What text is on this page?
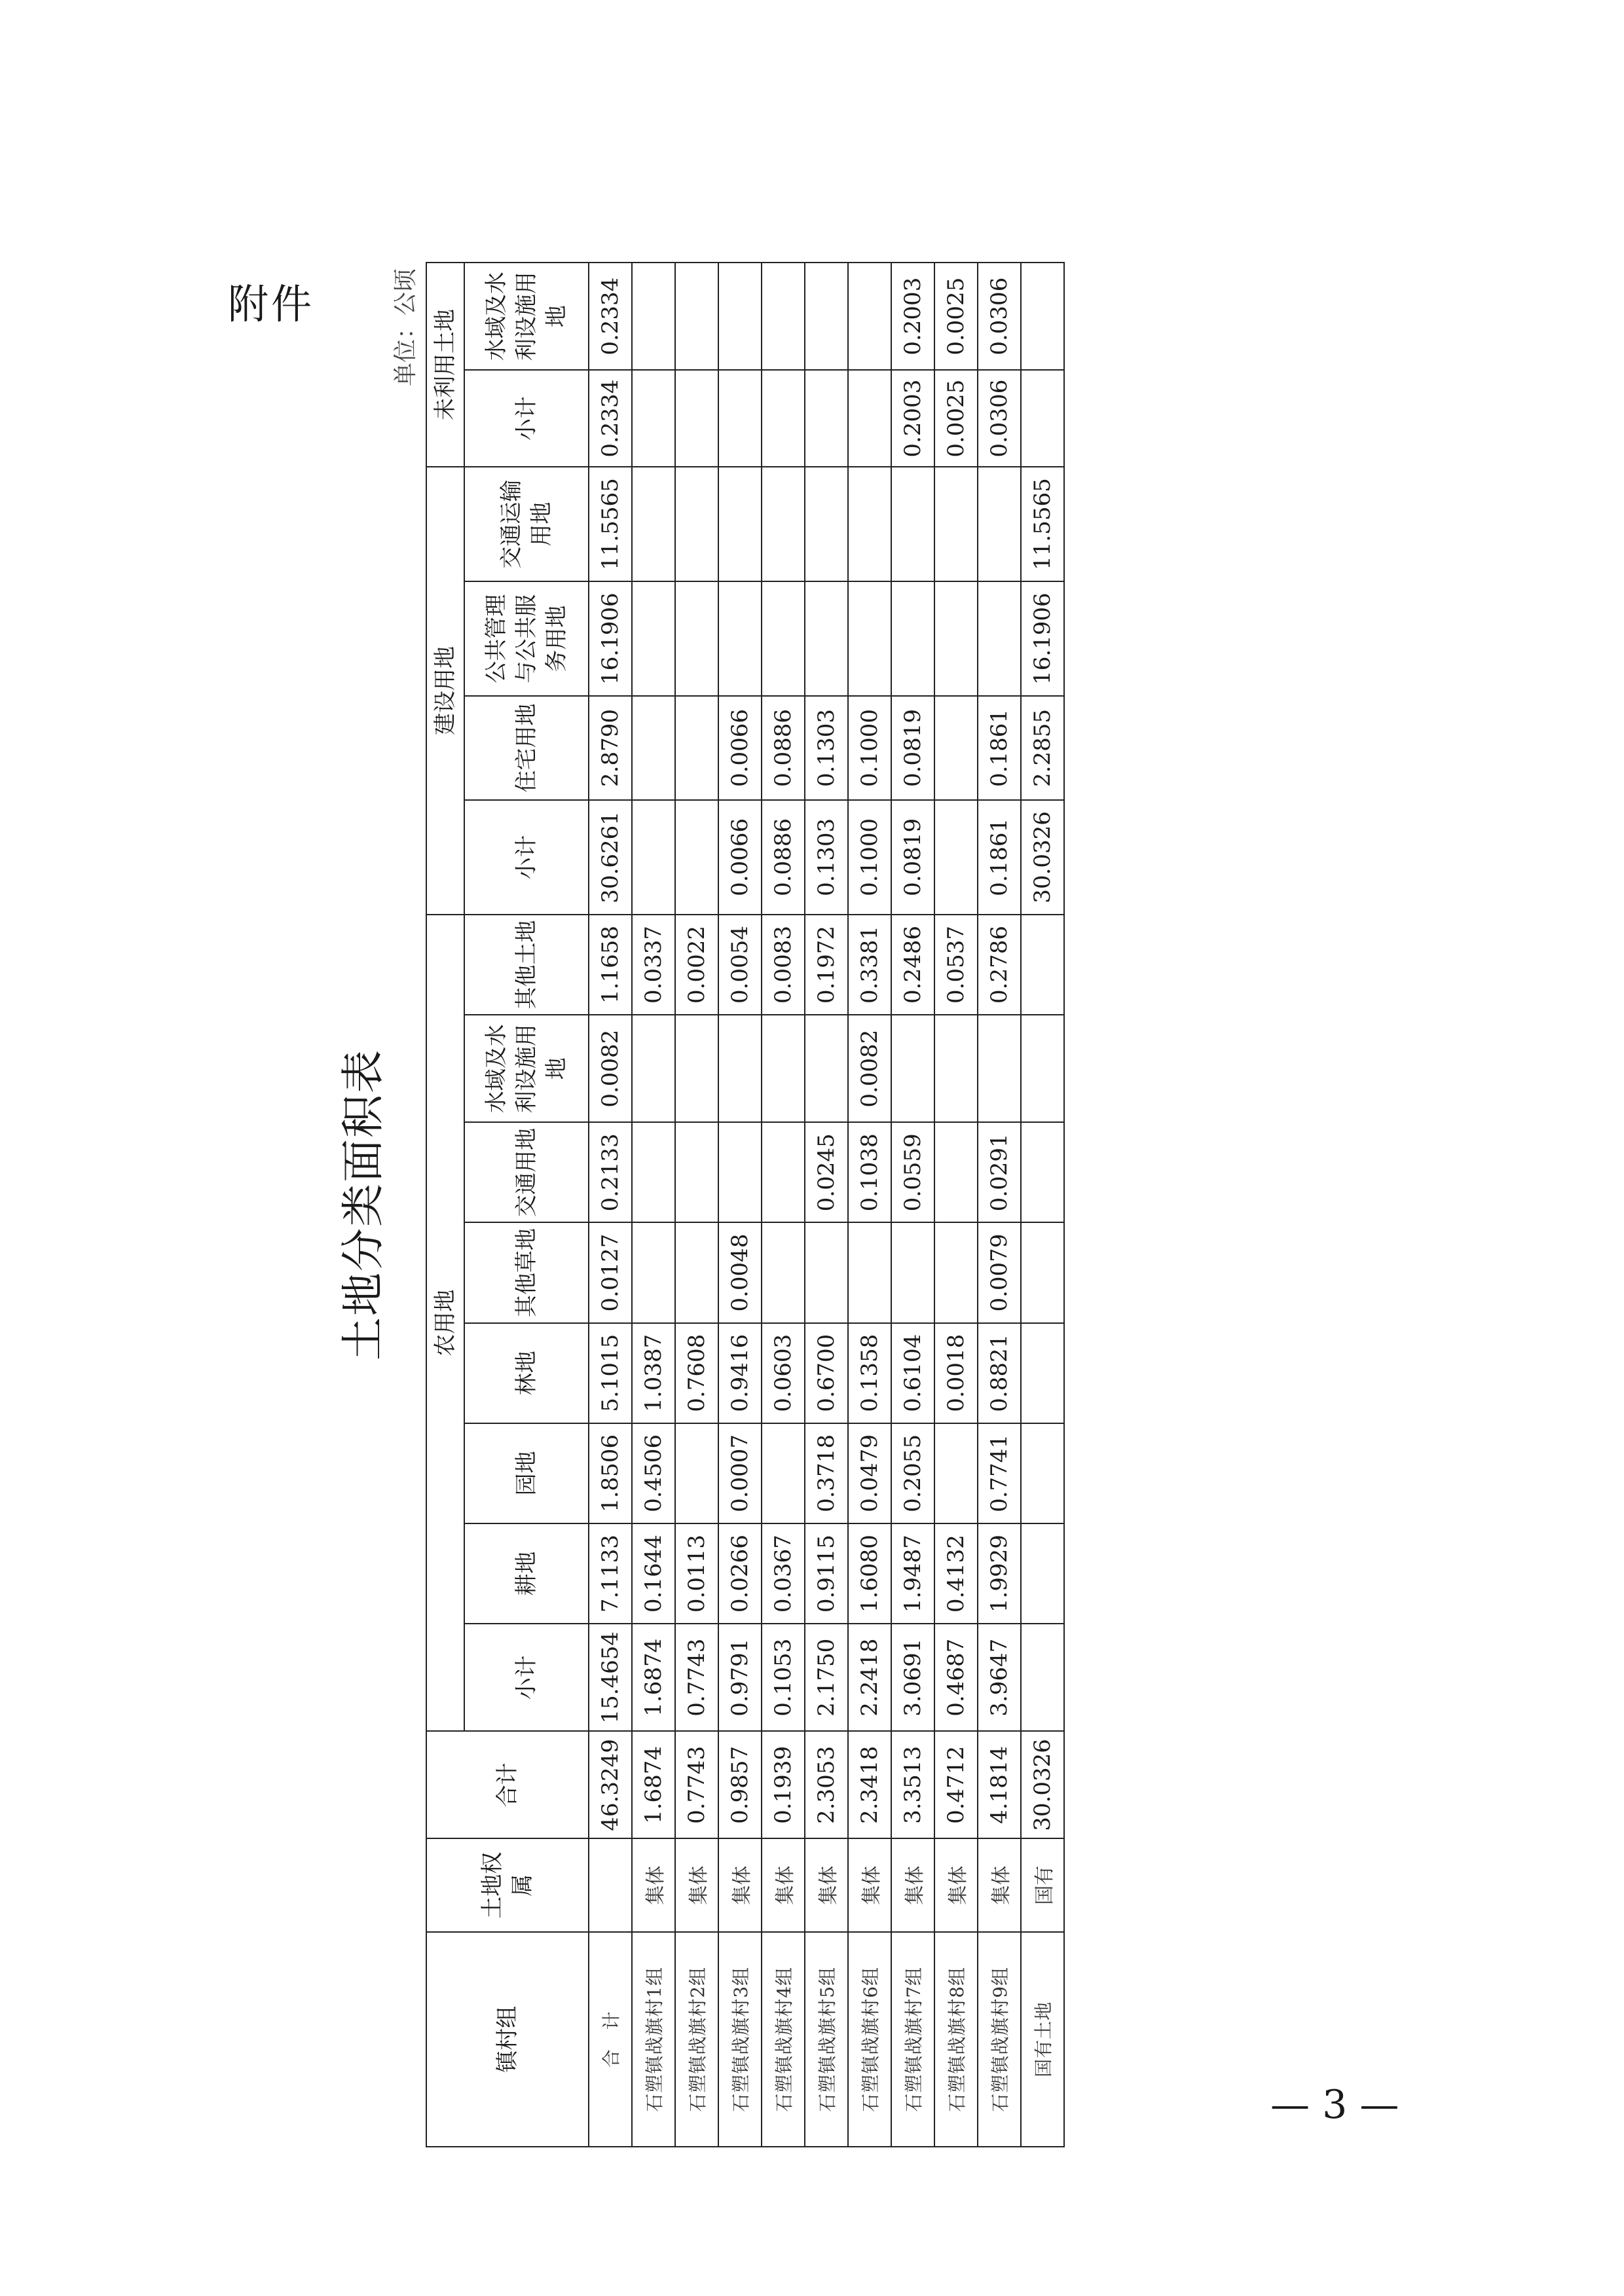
附件
土地分类面积表
单位：公顷
镇村组	土地权属	合计	农用地								建设用地				未利用土地	
			小计	耕地	园地	林地	其他草地	交通用地	水域及水利设施用地	其他土地	小计	住宅用地	公共管理与公共服务用地	交通运输用地	小计	水域及水利设施用地
合　计		46.3249	15.4654	7.1133	1.8506	5.1015	0.0127	0.2133	0.0082	1.1658	30.6261	2.8790	16.1906	11.5565	0.2334	0.2334
石塑镇战旗村1组	集体	1.6874	1.6874	0.1644	0.4506	1.0387				0.0337						
石塑镇战旗村2组	集体	0.7743	0.7743	0.0113		0.7608				0.0022						
石塑镇战旗村3组	集体	0.9857	0.9791	0.0266	0.0007	0.9416	0.0048			0.0054	0.0066	0.0066				
石塑镇战旗村4组	集体	0.1939	0.1053	0.0367		0.0603				0.0083	0.0886	0.0886				
石塑镇战旗村5组	集体	2.3053	2.1750	0.9115	0.3718	0.6700		0.0245		0.1972	0.1303	0.1303				
石塑镇战旗村6组	集体	2.3418	2.2418	1.6080	0.0479	0.1358		0.1038	0.0082	0.3381	0.1000	0.1000				
石塑镇战旗村7组	集体	3.3513	3.0691	1.9487	0.2055	0.6104		0.0559		0.2486	0.0819	0.0819			0.2003	0.2003
石塑镇战旗村8组	集体	0.4712	0.4687	0.4132		0.0018				0.0537					0.0025	0.0025
石塑镇战旗村9组	集体	4.1814	3.9647	1.9929	0.7741	0.8821	0.0079	0.0291		0.2786	0.1861	0.1861			0.0306	0.0306
国有土地	国有	30.0326									30.0326	2.2855	16.1906	11.5565		
— 3 —
